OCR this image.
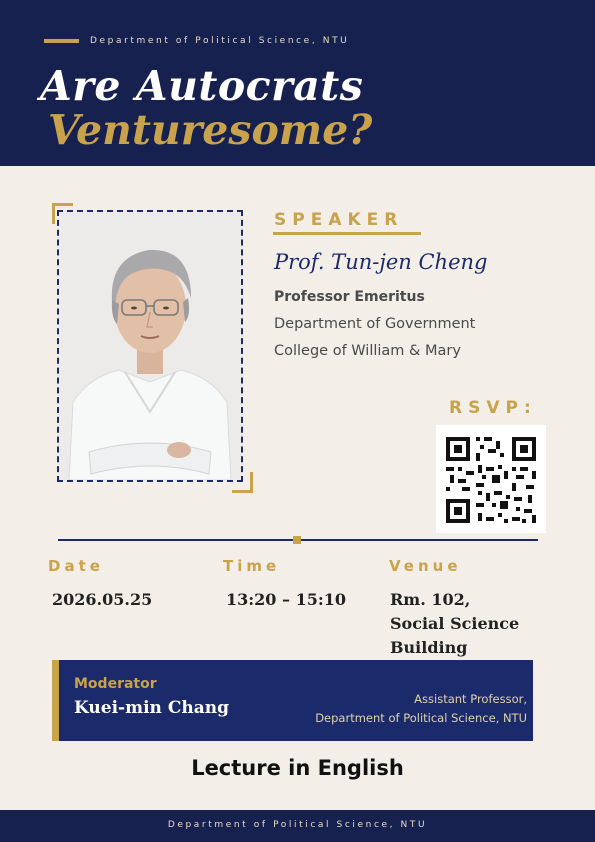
Department of Political Science, NTU
Are Autocrats
Venturesome?
SPEAKER
Prof. Tun-jen Cheng
Professor Emeritus
Department of Government
College of William & Mary
RSVP:
Date	Time	Venue
2026.05.25	13:20 – 15:10	Rm. 102,
Social Science
Building
Moderator
Kuei-min Chang	Assistant Professor,
Department of Political Science, NTU
Lecture in English
Department of Political Science, NTU
